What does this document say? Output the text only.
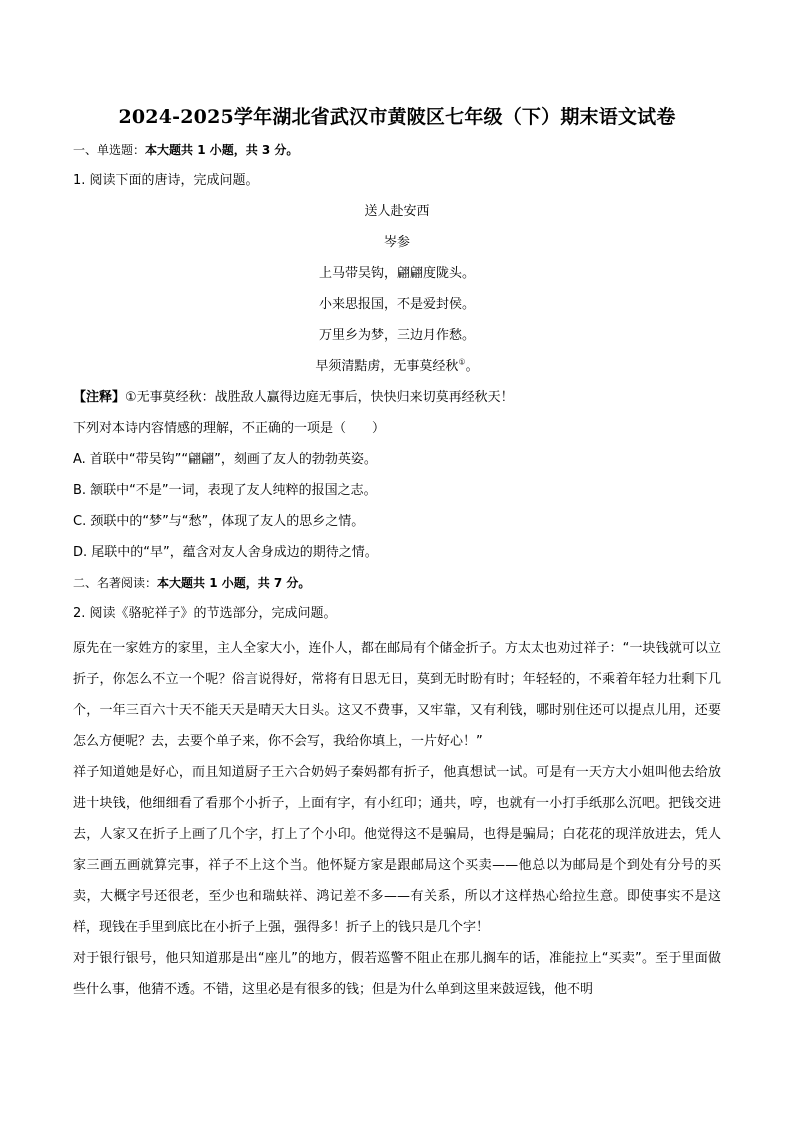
2024-2025学年湖北省武汉市黄陂区七年级（下）期末语文试卷
一、单选题：本大题共 1 小题，共 3 分。
1. 阅读下面的唐诗，完成问题。
送人赴安西
岑参
上马带吴钩，翩翩度陇头。
小来思报国，不是爱封侯。
万里乡为梦，三边月作愁。
早须清黠虏，无事莫经秋①。
【注释】①无事莫经秋：战胜敌人赢得边庭无事后，快快归来切莫再经秋天！
下列对本诗内容情感的理解，不正确的一项是（　　）
A. 首联中“带吴钩”“翩翩”，刻画了友人的勃勃英姿。
B. 颔联中“不是”一词，表现了友人纯粹的报国之志。
C. 颈联中的“梦”与“愁”，体现了友人的思乡之情。
D. 尾联中的“早”，蕴含对友人舍身成边的期待之情。
二、名著阅读：本大题共 1 小题，共 7 分。
2. 阅读《骆驼祥子》的节选部分，完成问题。

原先在一家姓方的家里，主人全家大小，连仆人，都在邮局有个储金折子。方太太也劝过祥子：“一块钱就可以立折子，你怎么不立一个呢？俗言说得好，常将有日思无日，莫到无时盼有时；年轻轻的，不乘着年轻力壮剩下几个，一年三百六十天不能天天是晴天大日头。这又不费事，又牢靠，又有利钱，哪时别住还可以提点儿用，还要怎么方便呢？去，去要个单子来，你不会写，我给你填上，一片好心！”

祥子知道她是好心，而且知道厨子王六合奶妈子秦妈都有折子，他真想试一试。可是有一天方大小姐叫他去给放进十块钱，他细细看了看那个小折子，上面有字，有小红印；通共，哼，也就有一小打手纸那么沉吧。把钱交进去，人家又在折子上画了几个字，打上了个小印。他觉得这不是骗局，也得是骗局；白花花的现洋放进去，凭人家三画五画就算完事，祥子不上这个当。他怀疑方家是跟邮局这个买卖——他总以为邮局是个到处有分号的买卖，大概字号还很老，至少也和瑞蚨祥、鸿记差不多——有关系，所以才这样热心给拉生意。即使事实不是这样，现钱在手里到底比在小折子上强，强得多！折子上的钱只是几个字！

对于银行银号，他只知道那是出“座儿”的地方，假若巡警不阻止在那儿搁车的话，准能拉上“买卖”。至于里面做些什么事，他猜不透。不错，这里必是有很多的钱；但是为什么单到这里来鼓逗钱，他不明
